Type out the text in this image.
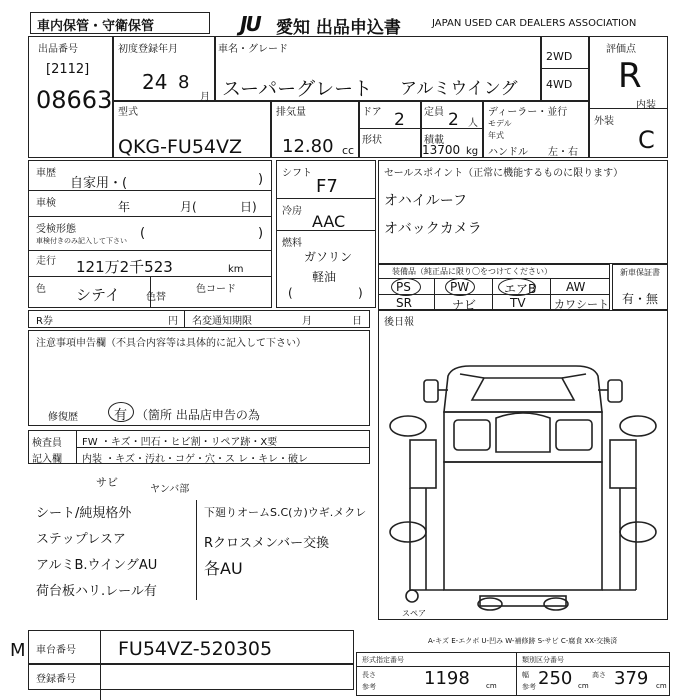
車内保管・守衛保管	JU 愛知 出品申込書	JAPAN USED CAR DEALERS ASSOCIATION
出品番号
[2112]
08663
初度登録年月
24 8
月
車名・グレード
スーパーグレート アルミウイング
2WD
4WD
評価点
R
外装
内装
C
型式
QKG-FU54VZ
排気量
12.80 cc
ドア 2
形状
定員 2 人
積載
13700 kg
ディーラー・並行
モデル
年式
ハンドル 左・右
車歴
自家用・(	)
車検	年	月(	日)
受検形態
車検付きのみ記入して下さい (	)
走行 121万2千523	km
色 シテイ	色替
色コード
シフト
F7
冷房
AAC
燃料
ガソリン
軽油
(	)
セールスポイント（正常に機能するものに限ります）
オハイルーフ
オバックカメラ
装備品（純正品に限り〇をつけてください）
PS	PW	エアB AW
SR	ナビ	TV	カワシート
新車保証書
有・無
R券	円 名変通知期限	月	日 後日報
注意事項申告欄（不具合内容等は具体的に記入して下さい）
修復歴	有 （箇所 出品店申告の為
検査員
記入欄
FW ・キズ・凹石・ヒビ割・リペア跡・X要
内装 ・キズ・汚れ・コゲ・穴・ス レ・キレ・破レ
サビ
ヤンバ部
シート/純規格外
ステップレスア
アルミB.ウイングAU
荷台板ハリ.レール有
下廻りオームS.C(カ)ウギ.メクレ
Rクロスメンバー交換
各AU
スペア
A-キズ E-エクボ U-凹み W-補修跡 S-サビ C-腐食 XX-交換済
M 車台番号 FU54VZ-520305
登録番号
形式指定番号	類別区分番号
長さ
参考	1198 cm
幅
参考 250 cm
高さ 379 cm
